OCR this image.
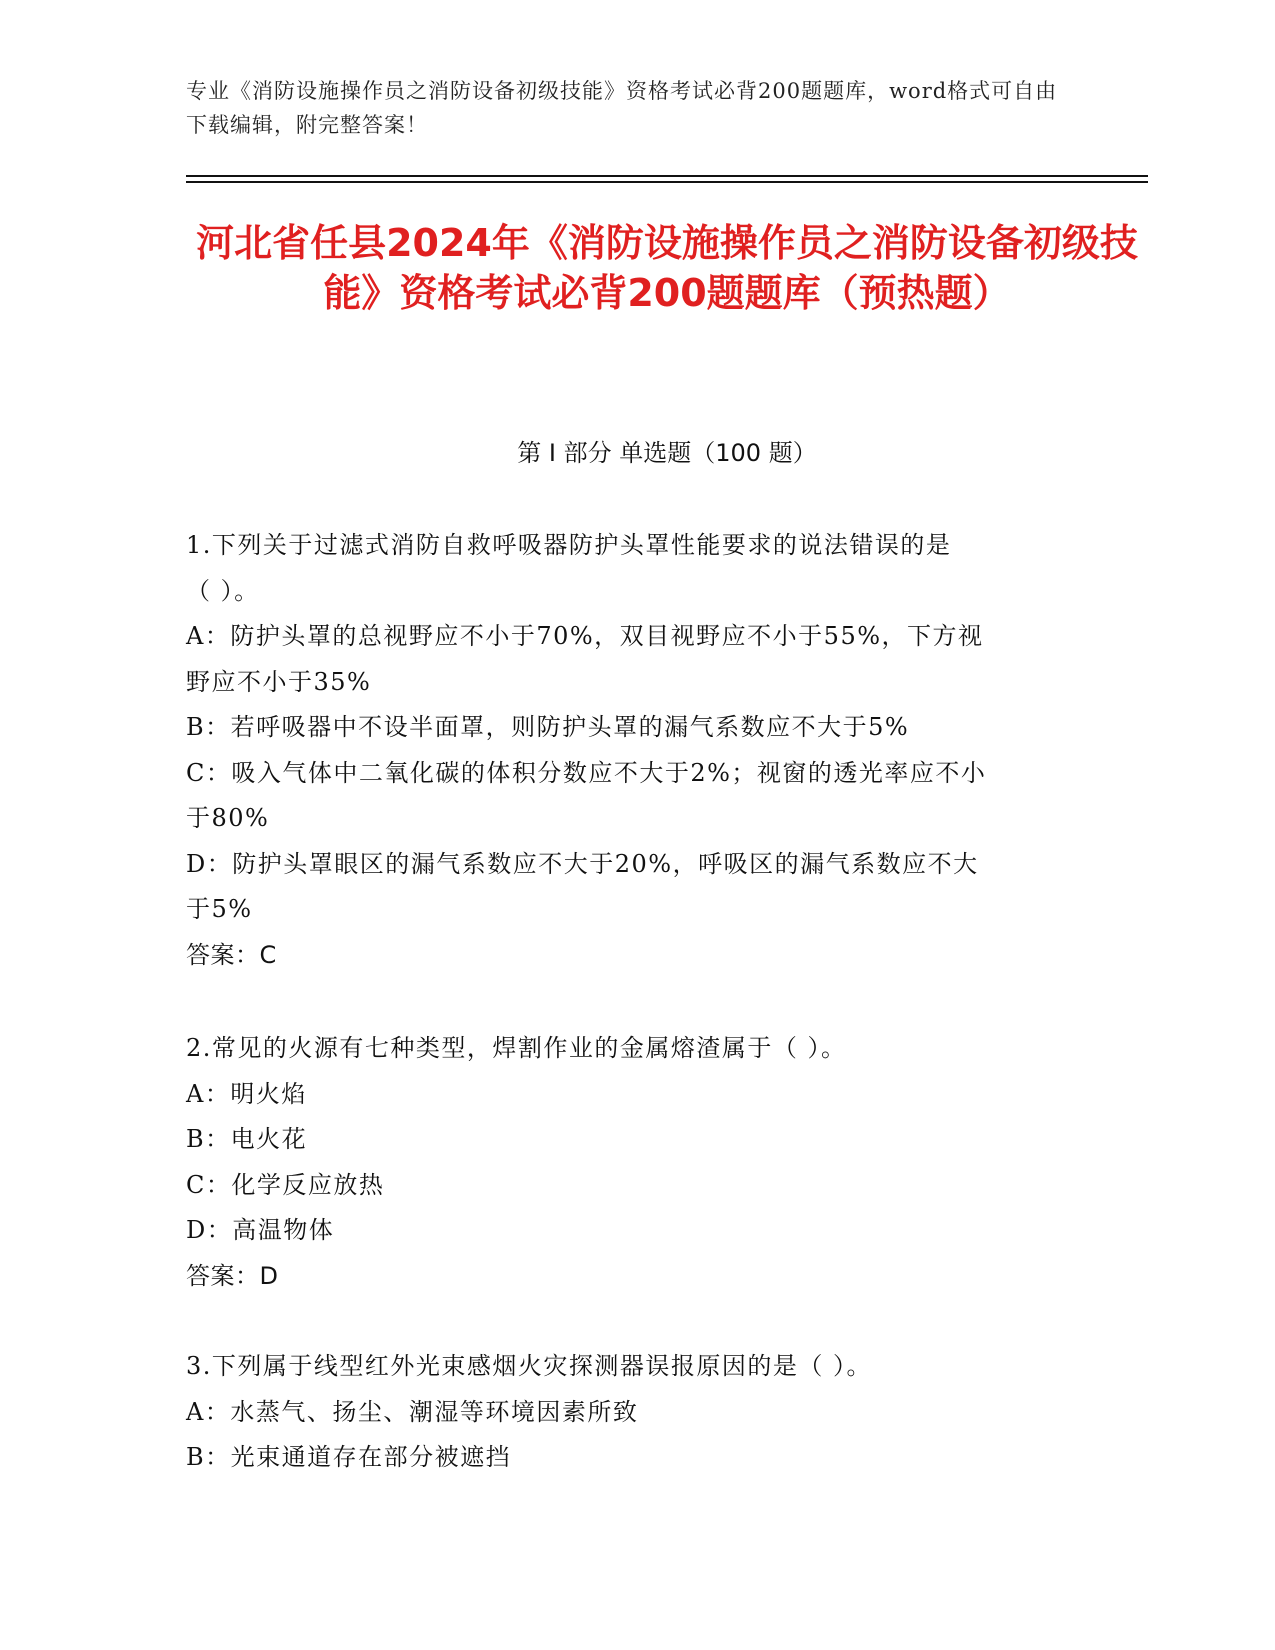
专业《消防设施操作员之消防设备初级技能》资格考试必背200题题库，word格式可自由下载编辑，附完整答案！
河北省任县2024年《消防设施操作员之消防设备初级技能》资格考试必背200题题库（预热题）
第 I 部分 单选题（100 题）
1.下列关于过滤式消防自救呼吸器防护头罩性能要求的说法错误的是
（ ）。
A：防护头罩的总视野应不小于70%，双目视野应不小于55%，下方视
野应不小于35%
B：若呼吸器中不设半面罩，则防护头罩的漏气系数应不大于5%
C：吸入气体中二氧化碳的体积分数应不大于2%；视窗的透光率应不小
于80%
D：防护头罩眼区的漏气系数应不大于20%，呼吸区的漏气系数应不大
于5%
答案：C
2.常见的火源有七种类型，焊割作业的金属熔渣属于（ ）。
A：明火焰
B：电火花
C：化学反应放热
D：高温物体
答案：D
3.下列属于线型红外光束感烟火灾探测器误报原因的是（ ）。
A：水蒸气、扬尘、潮湿等环境因素所致
B：光束通道存在部分被遮挡
